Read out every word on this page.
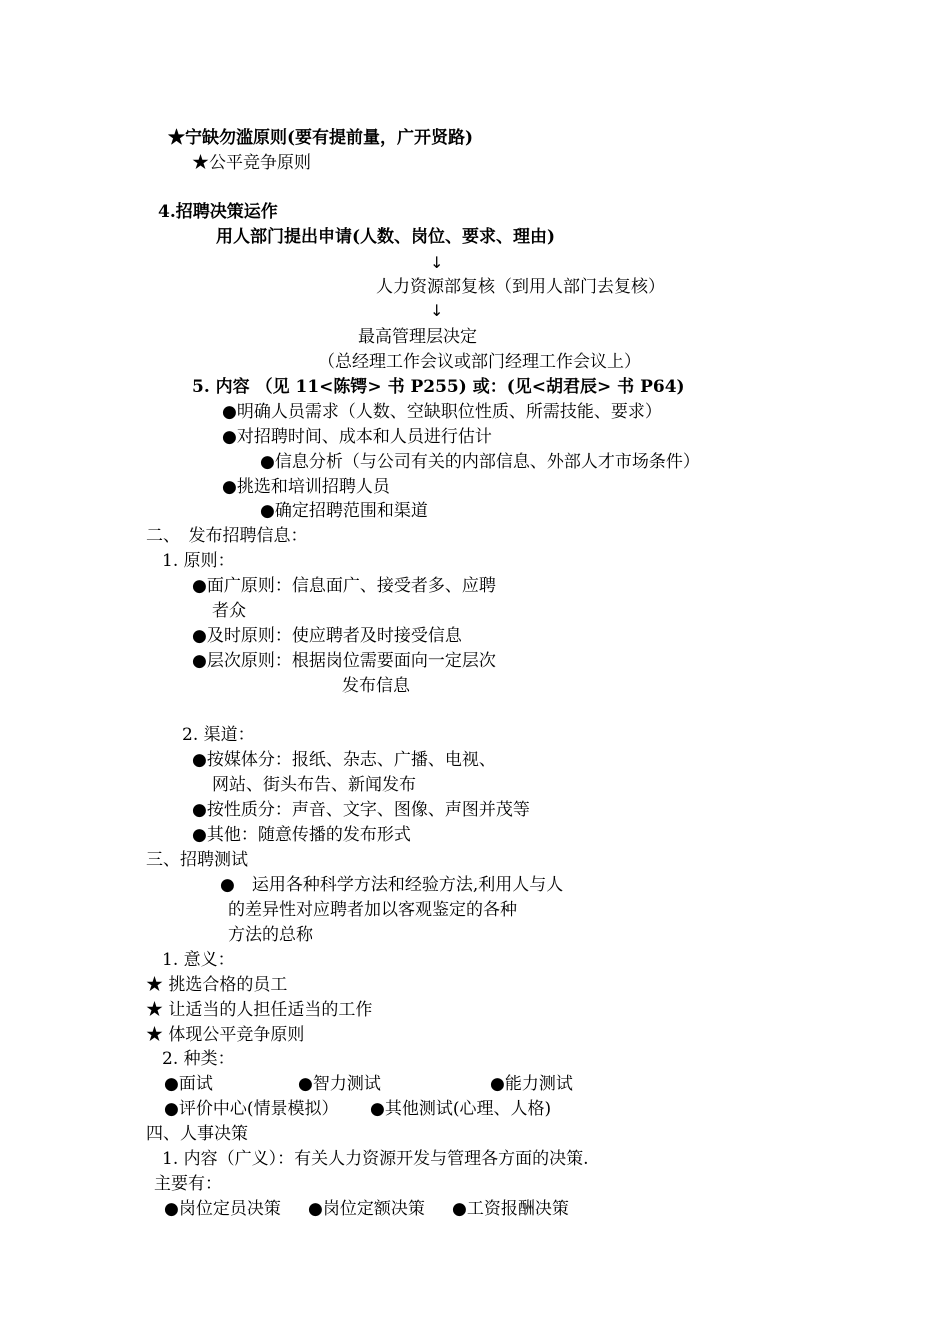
★宁缺勿滥原则(要有提前量，广开贤路)
★公平竞争原则
4.招聘决策运作
用人部门提出申请(人数、岗位、要求、理由)
↓
人力资源部复核（到用人部门去复核）
↓
最高管理层决定
（总经理工作会议或部门经理工作会议上）
5. 内容 （见 11<陈锷> 书 P255) 或：(见<胡君辰> 书 P64)
●明确人员需求（人数、空缺职位性质、所需技能、要求）
●对招聘时间、成本和人员进行估计
●信息分析（与公司有关的内部信息、外部人才市场条件）
●挑选和培训招聘人员
●确定招聘范围和渠道
二、　发布招聘信息：
1. 原则：
●面广原则：信息面广、接受者多、应聘
者众
●及时原则：使应聘者及时接受信息
●层次原则：根据岗位需要面向一定层次
发布信息
2. 渠道：
●按媒体分：报纸、杂志、广播、电视、
网站、街头布告、新闻发布
●按性质分：声音、文字、图像、声图并茂等
●其他：随意传播的发布形式
三、招聘测试
●　运用各种科学方法和经验方法,利用人与人
的差异性对应聘者加以客观鉴定的各种
方法的总称
1. 意义：
★ 挑选合格的员工
★ 让适当的人担任适当的工作
★ 体现公平竞争原则
2. 种类：
●面试	●智力测试	●能力测试
●评价中心(情景模拟） ●其他测试(心理、人格)
四、人事决策
1. 内容（广义）：有关人力资源开发与管理各方面的决策.
主要有：
●岗位定员决策 ●岗位定额决策 ●工资报酬决策
